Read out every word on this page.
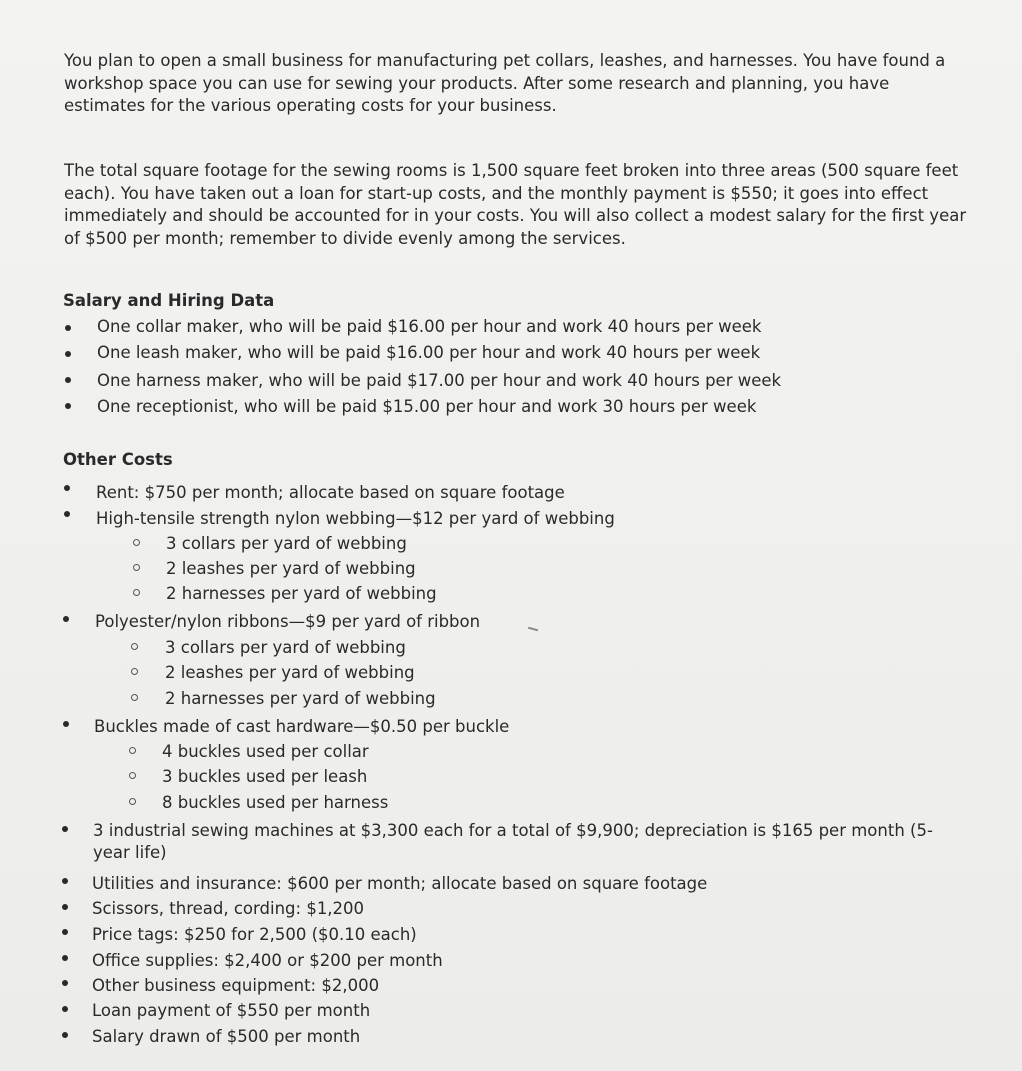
You plan to open a small business for manufacturing pet collars, leashes, and harnesses. You have found a workshop space you can use for sewing your products. After some research and planning, you have estimates for the various operating costs for your business.

The total square footage for the sewing rooms is 1,500 square feet broken into three areas (500 square feet each). You have taken out a loan for start-up costs, and the monthly payment is $550; it goes into effect immediately and should be accounted for in your costs. You will also collect a modest salary for the first year of $500 per month; remember to divide evenly among the services.

Salary and Hiring Data

One collar maker, who will be paid $16.00 per hour and work 40 hours per week

One leash maker, who will be paid $16.00 per hour and work 40 hours per week

One harness maker, who will be paid $17.00 per hour and work 40 hours per week

One receptionist, who will be paid $15.00 per hour and work 30 hours per week

Other Costs

Rent: $750 per month; allocate based on square footage

High-tensile strength nylon webbing—$12 per yard of webbing

3 collars per yard of webbing

2 leashes per yard of webbing

2 harnesses per yard of webbing

Polyester/nylon ribbons—$9 per yard of ribbon

3 collars per yard of webbing

2 leashes per yard of webbing

2 harnesses per yard of webbing

Buckles made of cast hardware—$0.50 per buckle

4 buckles used per collar

3 buckles used per leash

8 buckles used per harness

3 industrial sewing machines at $3,300 each for a total of $9,900; depreciation is $165 per month (5-year life)

Utilities and insurance: $600 per month; allocate based on square footage

Scissors, thread, cording: $1,200

Price tags: $250 for 2,500 ($0.10 each)

Office supplies: $2,400 or $200 per month

Other business equipment: $2,000

Loan payment of $550 per month

Salary drawn of $500 per month
